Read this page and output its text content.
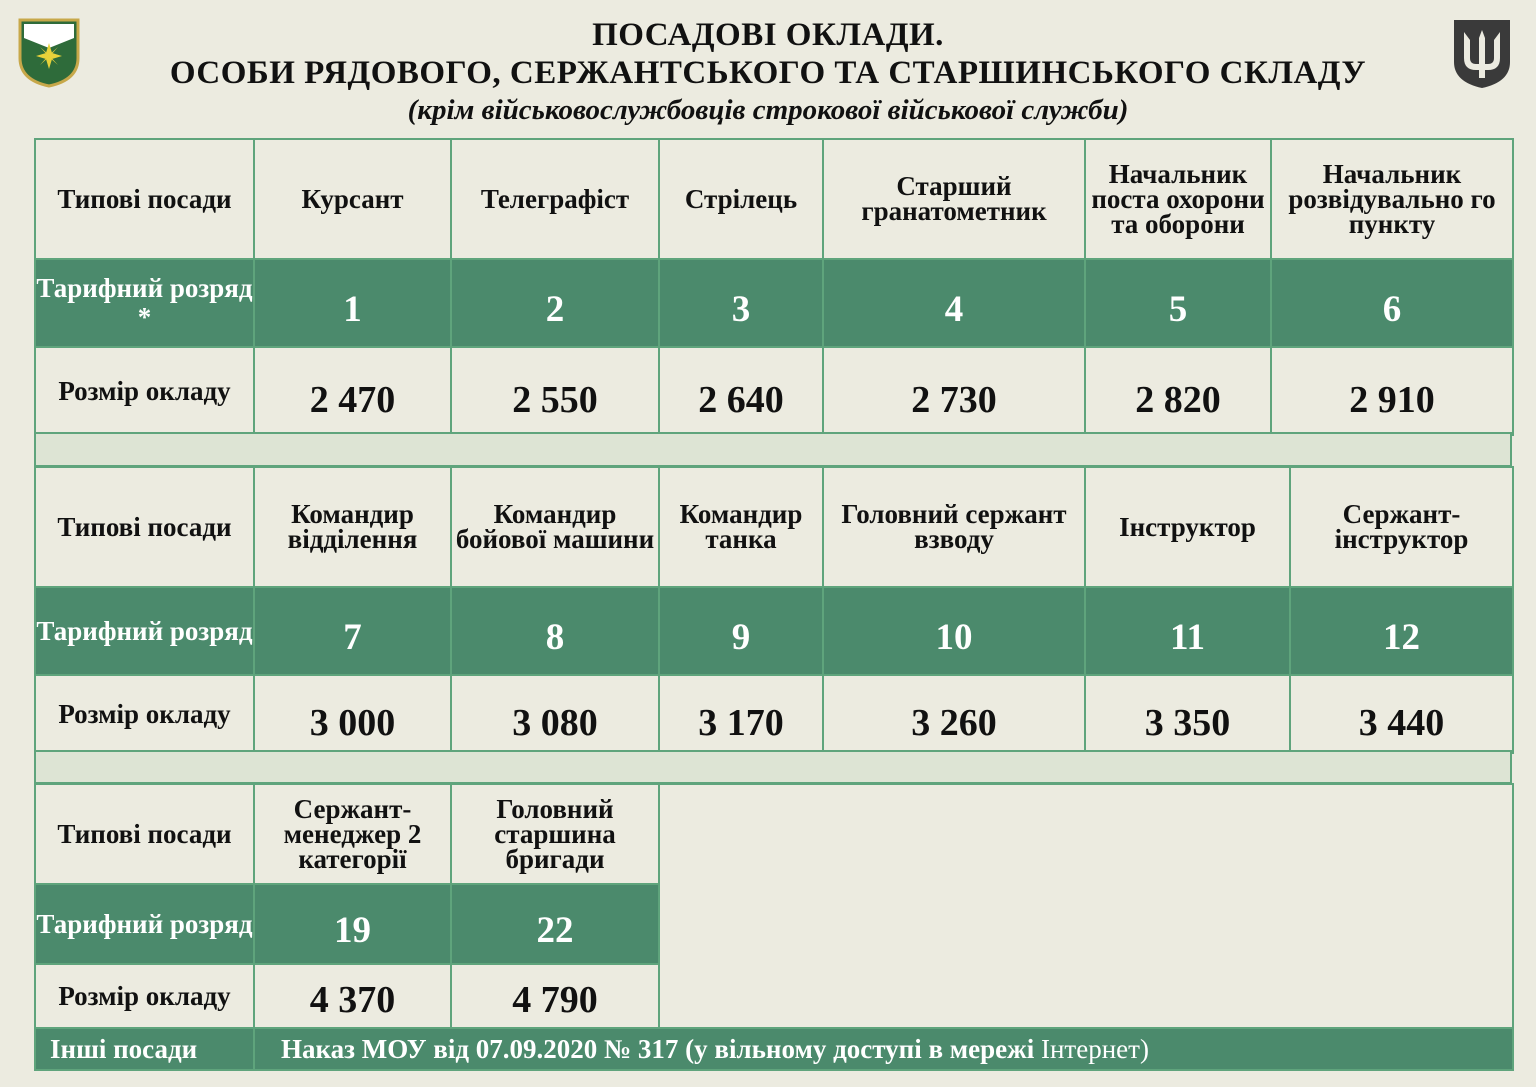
ПОСАДОВІ ОКЛАДИ.
ОСОБИ РЯДОВОГО, СЕРЖАНТСЬКОГО ТА СТАРШИНСЬКОГО СКЛАДУ
(крім військовослужбовців строкової військової служби)
Типові посади	Курсант	Телеграфіст	Стрілець	Старший гранатометник	Начальник поста охорони та оборони	Начальник розвідувально го пункту
Тарифний розряд *	1	2	3	4	5	6
Розмір окладу	2 470	2 550	2 640	2 730	2 820	2 910
Типові посади	Командир відділення	Командир бойової машини	Командир танка	Головний сержант взводу	Інструктор	Сержант-інструктор
Тарифний розряд	7	8	9	10	11	12
Розмір окладу	3 000	3 080	3 170	3 260	3 350	3 440
Типові посади	Сержант-менеджер 2 категорії	Головний старшина бригади	
Тарифний розряд	19	22	
Розмір окладу	4 370	4 790	
Інші посади	Наказ МОУ від 07.09.2020 № 317 (у вільному доступі в мережі Інтернет)		
